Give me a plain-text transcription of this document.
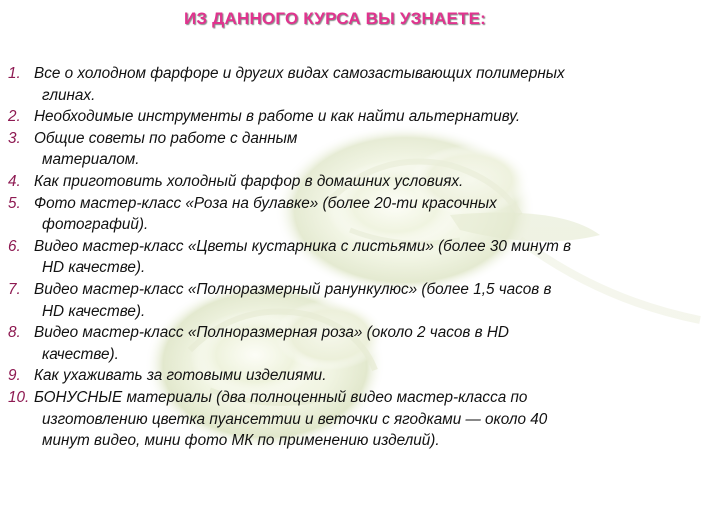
ИЗ ДАННОГО КУРСА ВЫ УЗНАЕТЕ:
1. Все о холодном фарфоре и других видах самозастывающих полимерных
глинах.
2. Необходимые инструменты в работе и как найти альтернативу.
3. Общие советы по работе с данным
материалом.
4. Как приготовить холодный фарфор в домашних условиях.
5. Фото мастер-класс «Роза на булавке» (более 20-ти красочных
фотографий).
6. Видео мастер-класс «Цветы кустарника с листьями» (более 30 минут в
HD качестве).
7. Видео мастер-класс «Полноразмерный ранункулюс» (более 1,5 часов в
HD качестве).
8. Видео мастер-класс «Полноразмерная роза» (около 2 часов в HD
качестве).
9. Как ухаживать за готовыми изделиями.
10. БОНУСНЫЕ материалы (два полноценный видео мастер-класса по
изготовлению цветка пуансеттии и веточки с ягодками — около 40
минут видео, мини фото МК по применению изделий).
